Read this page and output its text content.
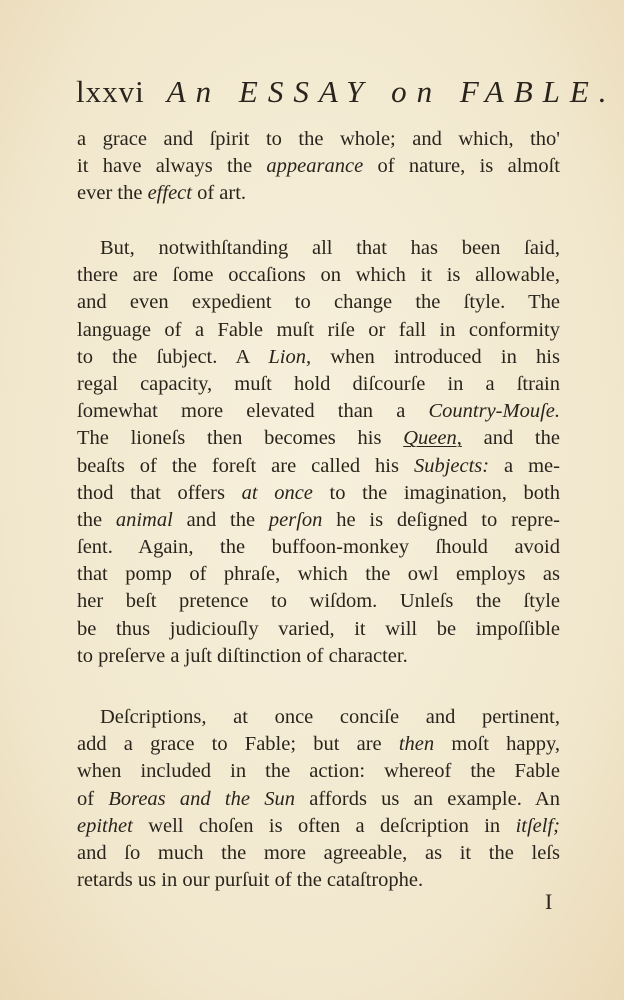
lxxvi An ESSAY on FABLE.
a grace and ſpirit to the whole; and which, tho'
it have always the appearance of nature, is almoſt
ever the effect of art.
But, notwithſtanding all that has been ſaid,
there are ſome occaſions on which it is allowable,
and even expedient to change the ſtyle. The
language of a Fable muſt riſe or fall in conformity
to the ſubject. A Lion, when introduced in his
regal capacity, muſt hold diſcourſe in a ſtrain
ſomewhat more elevated than a Country-Mouſe.
The lioneſs then becomes his Queen, and the
beaſts of the foreſt are called his Subjects: a me-
thod that offers at once to the imagination, both
the animal and the perſon he is deſigned to repre-
ſent. Again, the buffoon-monkey ſhould avoid
that pomp of phraſe, which the owl employs as
her beſt pretence to wiſdom. Unleſs the ſtyle
be thus judiciouſly varied, it will be impoſſible
to preſerve a juſt diſtinction of character.
Deſcriptions, at once conciſe and pertinent,
add a grace to Fable; but are then moſt happy,
when included in the action: whereof the Fable
of Boreas and the Sun affords us an example. An
epithet well choſen is often a deſcription in itſelf;
and ſo much the more agreeable, as it the leſs
retards us in our purſuit of the cataſtrophe.
I
